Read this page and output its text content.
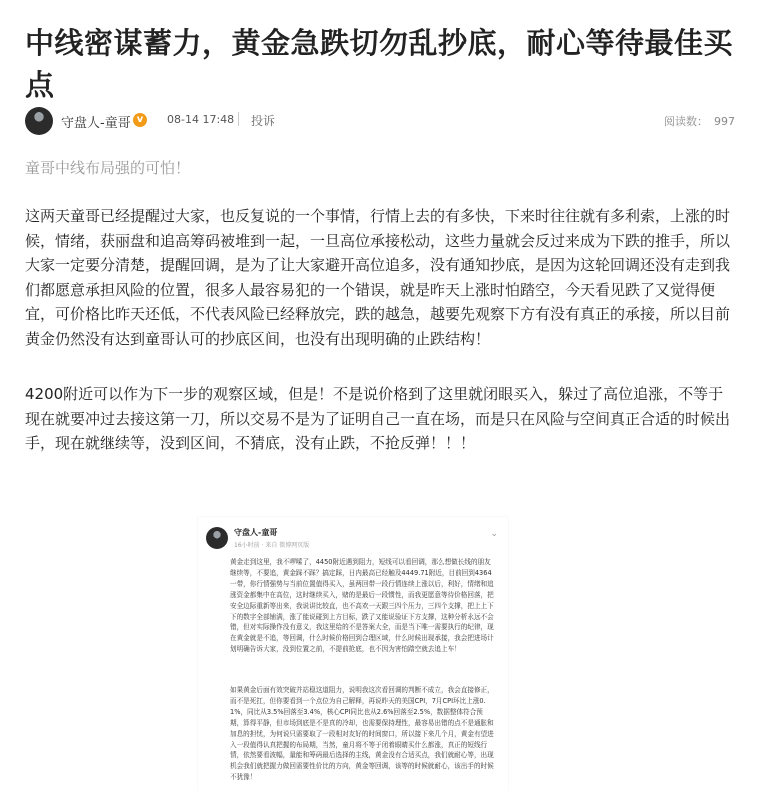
中线密谋蓄力，黄金急跌切勿乱抄底，耐心等待最佳买点
守盘人-童哥 v	08-14 17:48 投诉	阅读数： 997

童哥中线布局强的可怕！

这两天童哥已经提醒过大家，也反复说的一个事情，行情上去的有多快，下来时往往就有多利索，上涨的时候，情绪，获丽盘和追高筹码被堆到一起，一旦高位承接松动，这些力量就会反过来成为下跌的推手，所以大家一定要分清楚，提醒回调，是为了让大家避开高位追多，没有通知抄底，是因为这轮回调还没有走到我们都愿意承担风险的位置，很多人最容易犯的一个错误，就是昨天上涨时怕踏空，今天看见跌了又觉得便宜，可价格比昨天还低，不代表风险已经释放完，跌的越急，越要先观察下方有没有真正的承接，所以目前黄金仍然没有达到童哥认可的抄底区间，也没有出现明确的止跌结构！

4200附近可以作为下一步的观察区域，但是！不是说价格到了这里就闭眼买入，躲过了高位追涨，不等于现在就要冲过去接这第一刀，所以交易不是为了证明自己一直在场，而是只在风险与空间真正合适的时候出手，现在就继续等，没到区间，不猜底，没有止跌，不抢反弹！！！

守盘人-童哥
16小时前 · 来自 微博网页版
⌄

黄金走到这里，我不啰嗦了，4450附近遇到阻力，短线可以看回调，那么想做长线的朋友继续等，不要追，黄金踩不踩？搞定踩，日内最高已经触及4449.71附近，目前回到4364一带，你行情强势与当前位置值得买入，虽两回带一段行情连续上涨以后，利好，情绪和追涨资金都集中在高位，这时继续买入，赌的是最后一段惯性，而我更愿意等待价格回落，把安全边际重新等出来，我说讲比较直，也不高欢一天跟三四个压力，三四个支撑，把上上下下的数字全部铺满，涨了能说碰到上方目标，跌了又能说验证下方支撑，这种分析永远不会错，但对实际操作没有意义，我这里给的不是答案大全，而是当下唯一需要执行的纪律，现在黄金就是不追，等回调，什么时候价格回到合理区域，什么时候出现承接，我会把进场计划明确告诉大家，没到位置之前，不提前抢底，也不因为害怕踏空就去追上车！

如果黄金后面有效突破并站稳这道阻力，说明我这次看回调的判断不成立，我会直接修正，而不是死扛，但你要看到一个点位为自己解释，再说昨天的美国CPI，7月CPI环比上涨0.1%，同比从3.5%回落至3.4%，核心CPI同比也从2.6%回落至2.5%，数据整体符合预期，算得平静，但市场到底是不是真的冷却，也需要保持理性，最容易出错的点不是通胀和加息的担忧，为何说只需要取了一段相对友好的时间窗口，所以接下来几个月，黄金有望进入一段值得认真把握的布局期，当然，童月将不等于闭着眼睛买什么都涨，真正的短线行情，依然要看波幅，量能和筹码最后选择的主线，黄金没有合适买点，我们就耐心等，出现机会我们就把握力做回需要性价比的方向，黄金等回调，该等的时候就耐心，该出手的时候不犹豫！
